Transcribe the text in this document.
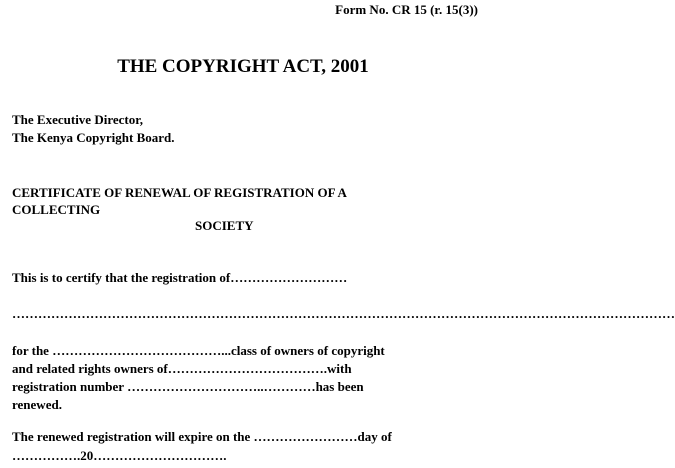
Form No. CR 15 (r. 15(3))
THE COPYRIGHT ACT, 2001
The Executive Director,
The Kenya Copyright Board.
CERTIFICATE OF RENEWAL OF REGISTRATION OF A
COLLECTING
SOCIETY
This is to certify that the registration of………………………
………………………………………………………………………………………………………………………………………
for the …………………………………...class of owners of copyright
and related rights owners of……………………………….with
registration number …………………………..…………has been
renewed.
The renewed registration will expire on the ……………………day of
…………….20………………………….
